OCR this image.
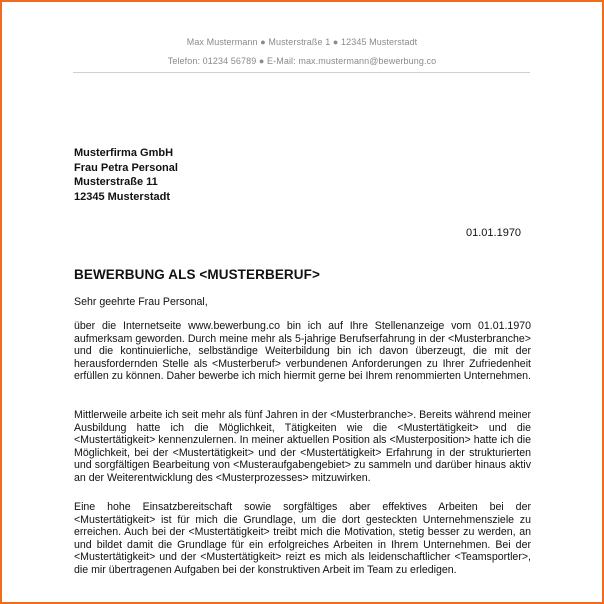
Max Mustermann ● Musterstraße 1 ● 12345 Musterstadt
Telefon: 01234 56789 ● E-Mail: max.mustermann@bewerbung.co
Musterfirma GmbH
Frau Petra Personal
Musterstraße 11
12345 Musterstadt
01.01.1970
BEWERBUNG ALS <MUSTERBERUF>
Sehr geehrte Frau Personal,
über die Internetseite www.bewerbung.co bin ich auf Ihre Stellenanzeige vom 01.01.1970 aufmerksam geworden. Durch meine mehr als 5-jahrige Berufserfahrung in der <Musterbranche> und die kontinuierliche, selbständige Weiterbildung bin ich davon überzeugt, die mit der herausfordernden Stelle als <Musterberuf> verbundenen Anforderungen zu Ihrer Zufriedenheit erfüllen zu können. Daher bewerbe ich mich hiermit gerne bei Ihrem renommierten Unternehmen.
Mittlerweile arbeite ich seit mehr als fünf Jahren in der <Musterbranche>. Bereits während meiner Ausbildung hatte ich die Möglichkeit, Tätigkeiten wie die <Mustertätigkeit> und die <Mustertätigkeit> kennenzulernen. In meiner aktuellen Position als <Musterposition> hatte ich die Möglichkeit, bei der <Mustertätigkeit> und der <Mustertätigkeit> Erfahrung in der strukturierten und sorgfältigen Bearbeitung von <Musteraufgabengebiet> zu sammeln und darüber hinaus aktiv an der Weiterentwicklung des <Musterprozesses> mitzuwirken.
Eine hohe Einsatzbereitschaft sowie sorgfältiges aber effektives Arbeiten bei der <Mustertätigkeit> ist für mich die Grundlage, um die dort gesteckten Unternehmensziele zu erreichen. Auch bei der <Mustertätigkeit> treibt mich die Motivation, stetig besser zu werden, an und bildet damit die Grundlage für ein erfolgreiches Arbeiten in Ihrem Unternehmen. Bei der <Mustertätigkeit> und der <Mustertätigkeit> reizt es mich als leidenschaftlicher <Teamsportler>, die mir übertragenen Aufgaben bei der konstruktiven Arbeit im Team zu erledigen.
